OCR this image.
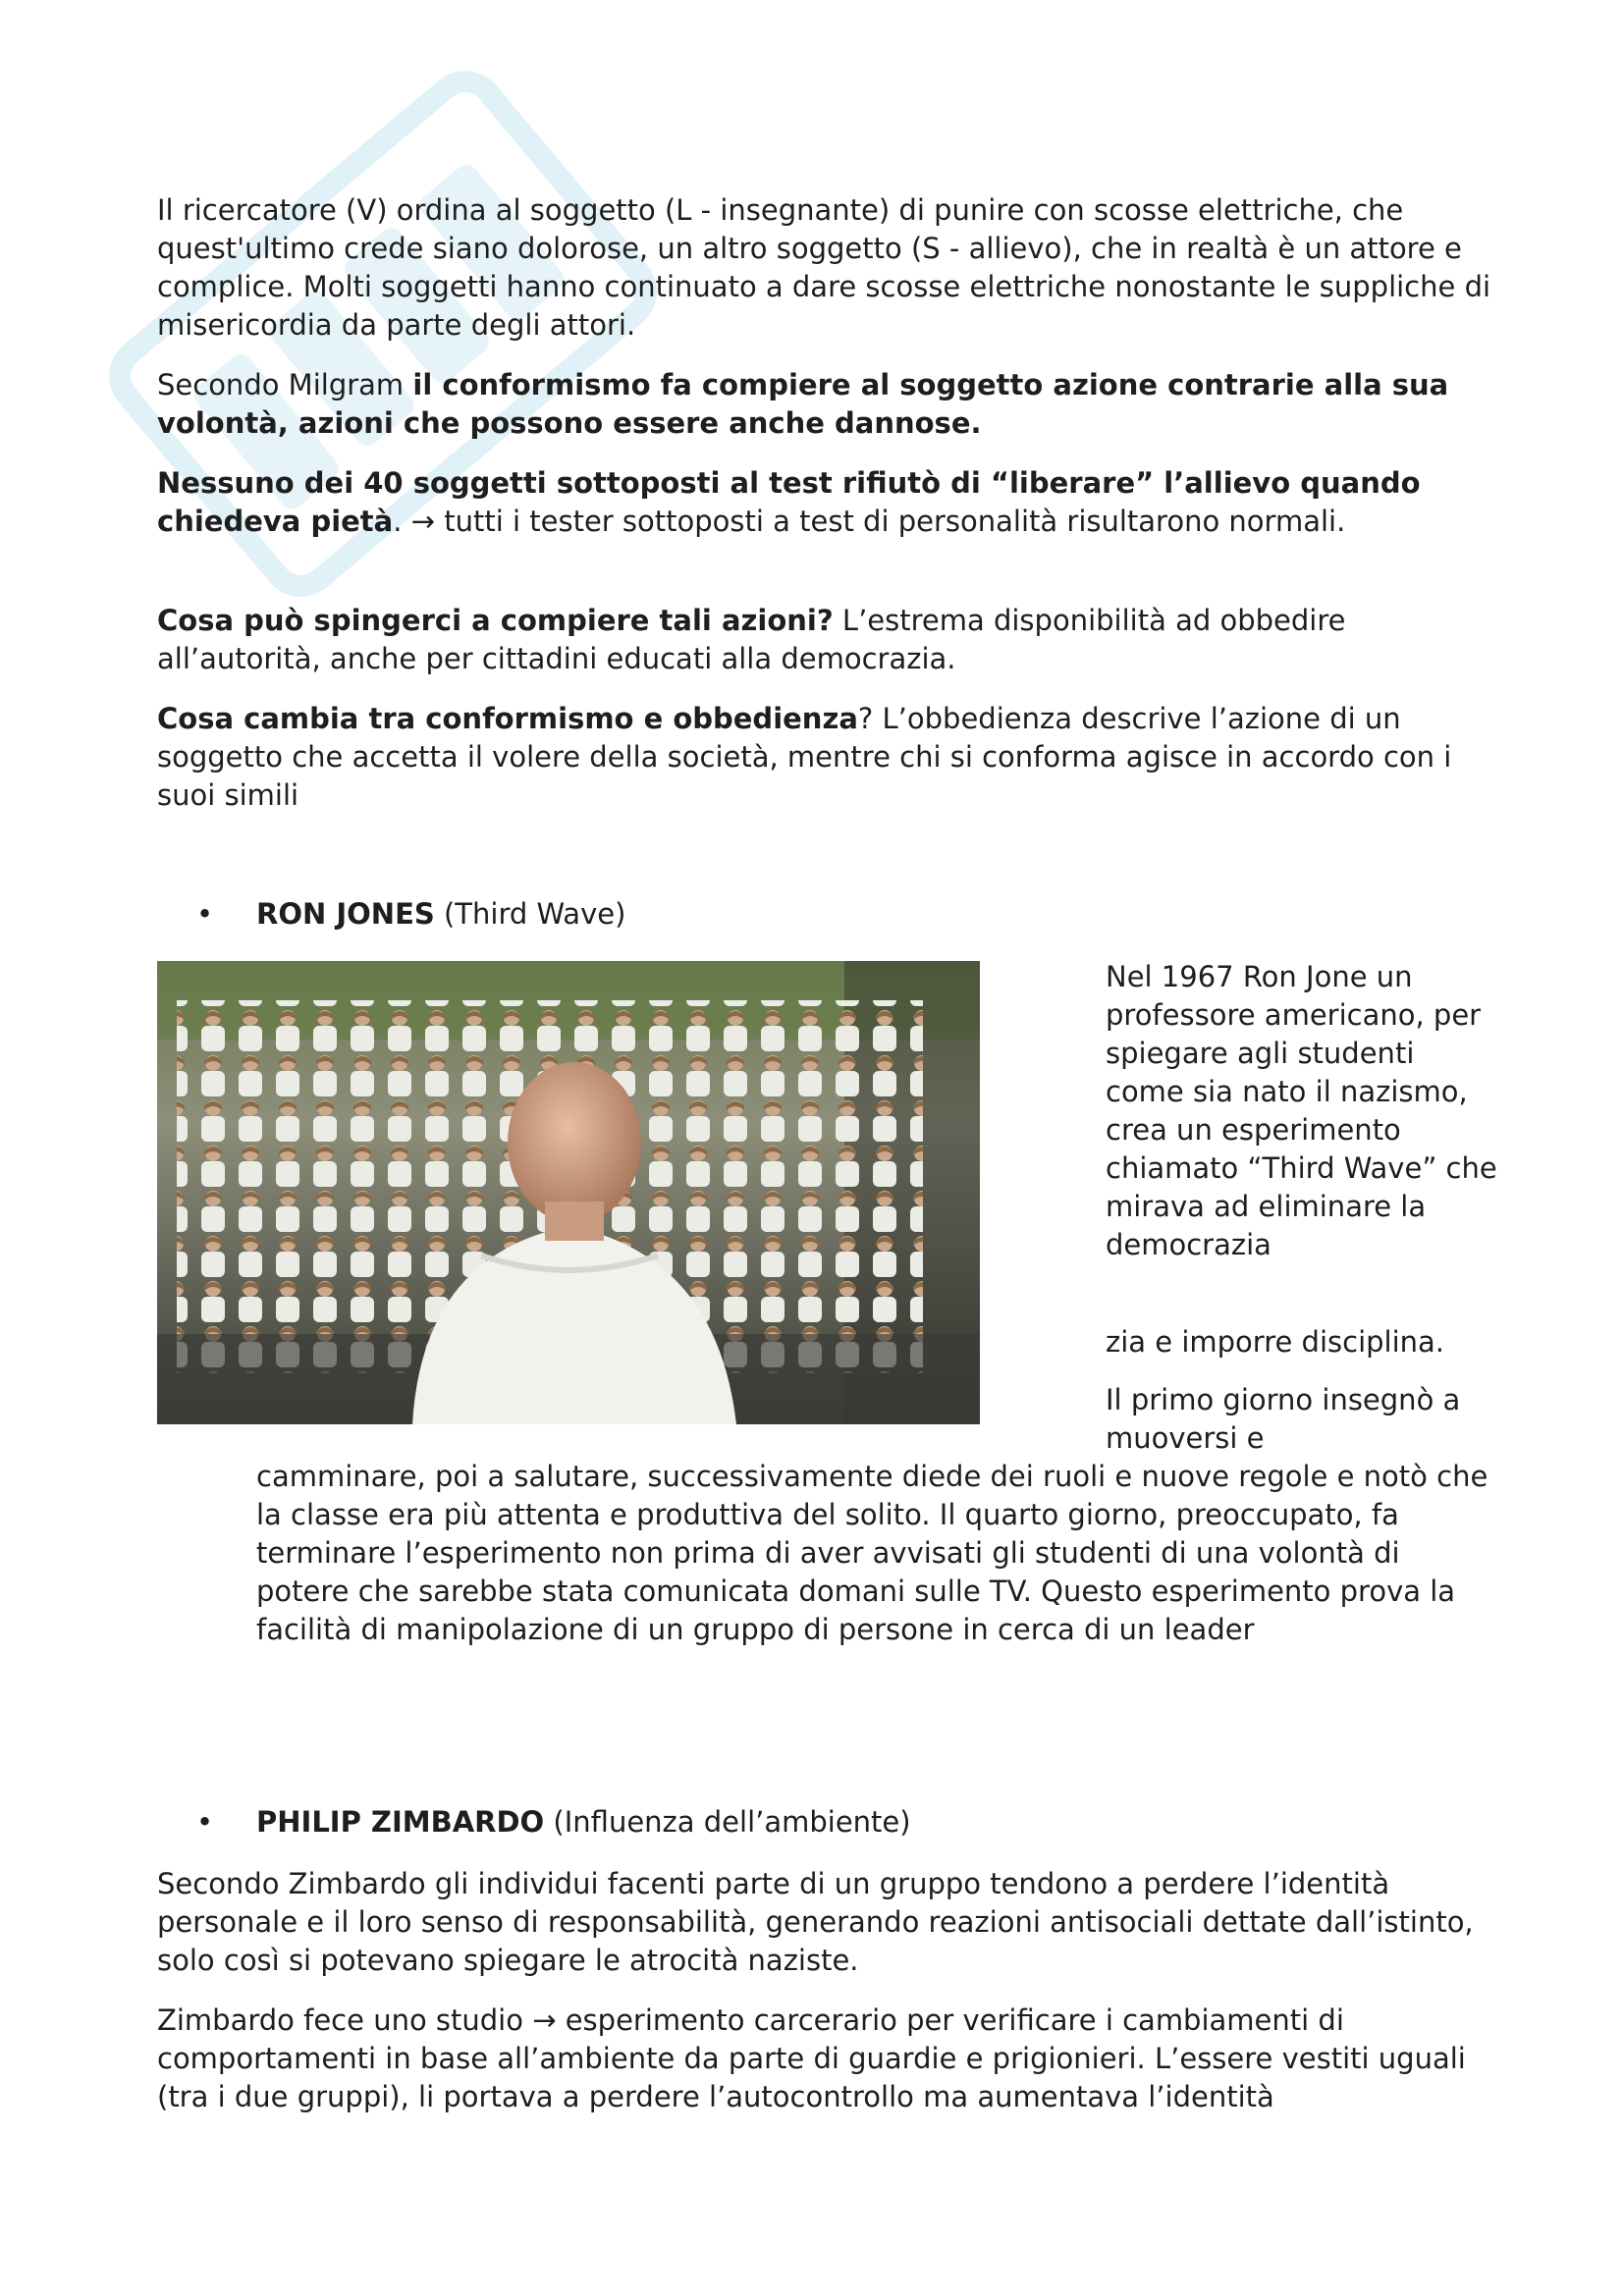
Il ricercatore (V) ordina al soggetto (L - insegnante) di punire con scosse elettriche, che quest'ultimo crede siano dolorose, un altro soggetto (S - allievo), che in realtà è un attore e complice. Molti soggetti hanno continuato a dare scosse elettriche nonostante le suppliche di misericordia da parte degli attori.

Secondo Milgram il conformismo fa compiere al soggetto azione contrarie alla sua volontà, azioni che possono essere anche dannose.

Nessuno dei 40 soggetti sottoposti al test rifiutò di “liberare” l’allievo quando chiedeva pietà. → tutti i tester sottoposti a test di personalità risultarono normali.

Cosa può spingerci a compiere tali azioni? L’estrema disponibilità ad obbedire all’autorità, anche per cittadini educati alla democrazia.

Cosa cambia tra conformismo e obbedienza? L’obbedienza descrive l’azione di un soggetto che accetta il volere della società, mentre chi si conforma agisce in accordo con i suoi simili

• RON JONES (Third Wave)

Nel 1967 Ron Jone un professore americano, per spiegare agli studenti come sia nato il nazismo, crea un esperimento chiamato “Third Wave” che mirava ad eliminare la democrazia

zia e imporre disciplina.

Il primo giorno insegnò a muoversi e

camminare, poi a salutare, successivamente diede dei ruoli e nuove regole e notò che la classe era più attenta e produttiva del solito. Il quarto giorno, preoccupato, fa terminare l’esperimento non prima di aver avvisati gli studenti di una volontà di potere che sarebbe stata comunicata domani sulle TV. Questo esperimento prova la facilità di manipolazione di un gruppo di persone in cerca di un leader

• PHILIP ZIMBARDO (Influenza dell’ambiente)

Secondo Zimbardo gli individui facenti parte di un gruppo tendono a perdere l’identità personale e il loro senso di responsabilità, generando reazioni antisociali dettate dall’istinto, solo così si potevano spiegare le atrocità naziste.

Zimbardo fece uno studio → esperimento carcerario per verificare i cambiamenti di comportamenti in base all’ambiente da parte di guardie e prigionieri. L’essere vestiti uguali (tra i due gruppi), li portava a perdere l’autocontrollo ma aumentava l’identità
